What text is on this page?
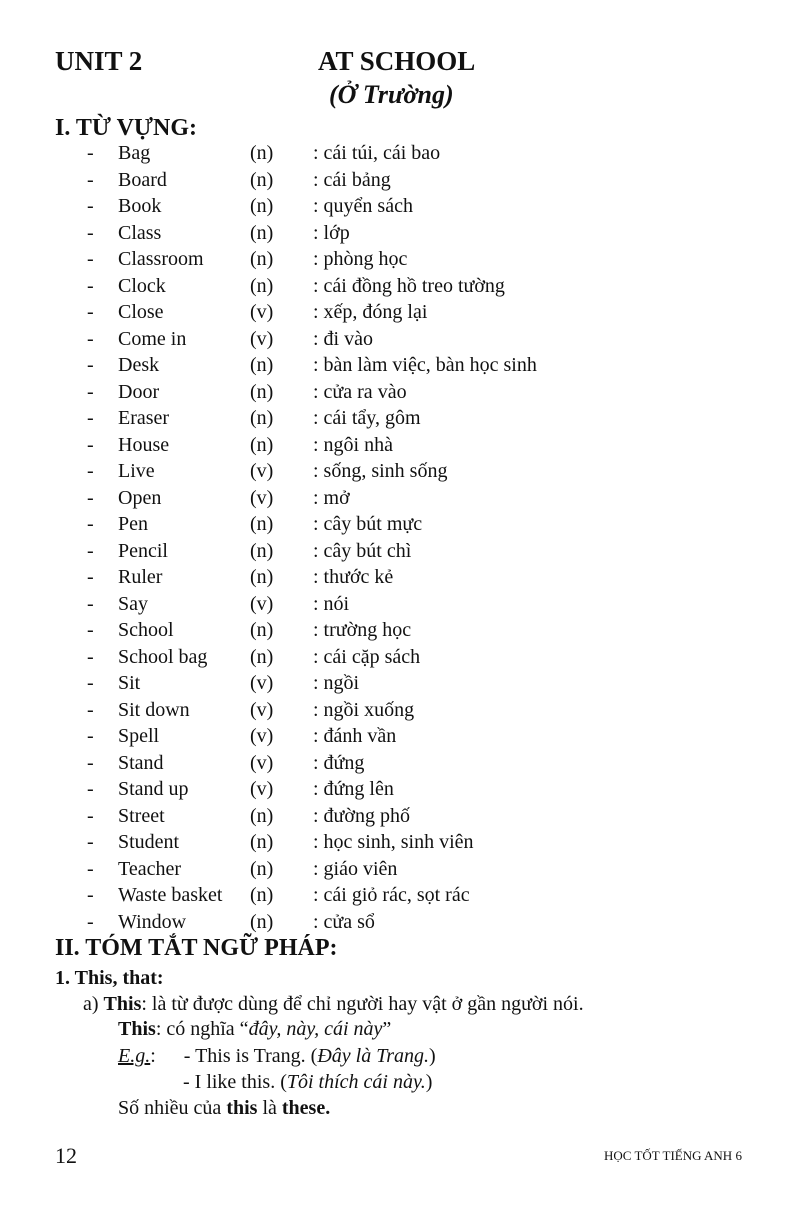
UNIT 2	AT SCHOOL
(Ở Trường)
I. TỪ VỰNG:
- Bag	(n) : cái túi, cái bao
- Board	(n) : cái bảng
- Book	(n) : quyển sách
- Class	(n) : lớp
- Classroom (n) : phòng học
- Clock	(n) : cái đồng hồ treo tường
- Close	(v) : xếp, đóng lại
- Come in	(v) : đi vào
- Desk	(n) : bàn làm việc, bàn học sinh
- Door	(n) : cửa ra vào
- Eraser	(n) : cái tẩy, gôm
- House	(n) : ngôi nhà
- Live	(v) : sống, sinh sống
- Open	(v) : mở
- Pen	(n) : cây bút mực
- Pencil	(n) : cây bút chì
- Ruler	(n) : thước kẻ
- Say	(v) : nói
- School	(n) : trường học
- School bag (n) : cái cặp sách
- Sit	(v) : ngồi
- Sit down	(v) : ngồi xuống
- Spell	(v) : đánh vần
- Stand	(v) : đứng
- Stand up	(v) : đứng lên
- Street	(n) : đường phố
- Student	(n) : học sinh, sinh viên
- Teacher	(n) : giáo viên
- Waste basket (n) : cái giỏ rác, sọt rác
- Window	(n) : cửa sổ
II. TÓM TẮT NGỮ PHÁP:
1. This, that:
a) This: là từ được dùng để chỉ người hay vật ở gần người nói.
This: có nghĩa “đây, này, cái này”
E.g.: - This is Trang. (Đây là Trang.)
- I like this. (Tôi thích cái này.)
Số nhiều của this là these.
12	HỌC TỐT TIẾNG ANH 6
